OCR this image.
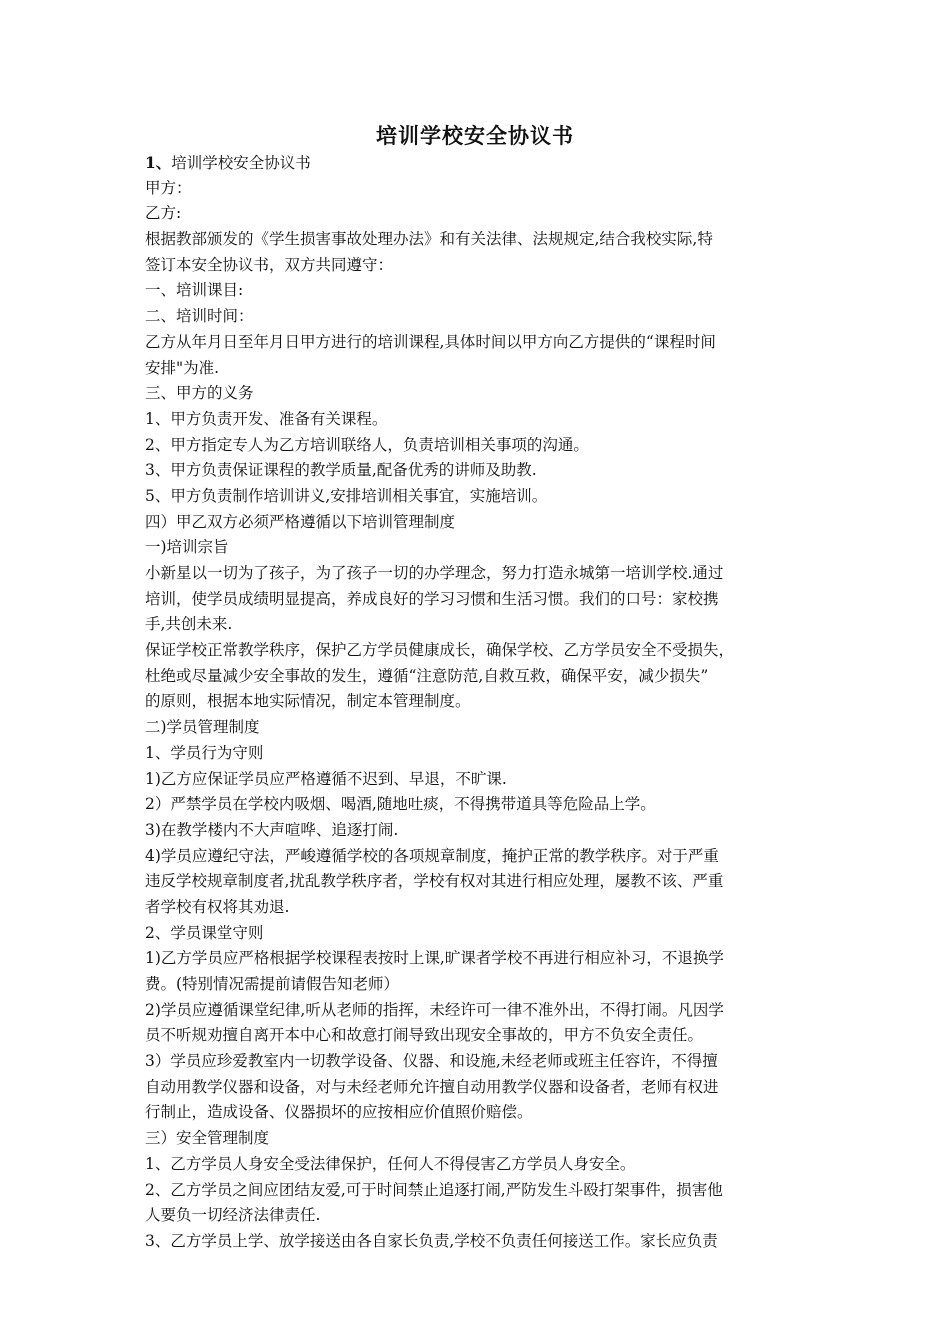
培训学校安全协议书
1、培训学校安全协议书
甲方：
乙方:
根据教部颁发的《学生损害事故处理办法》和有关法律、法规规定,结合我校实际,特
签订本安全协议书，双方共同遵守：
一、培训课目:
二、培训时间：
乙方从年月日至年月日甲方进行的培训课程,具体时间以甲方向乙方提供的“课程时间
安排"为准.
三、甲方的义务
1、甲方负责开发、准备有关课程。
2、甲方指定专人为乙方培训联络人，负责培训相关事项的沟通。
3、甲方负责保证课程的教学质量,配备优秀的讲师及助教.
5、甲方负责制作培训讲义,安排培训相关事宜，实施培训。
四）甲乙双方必须严格遵循以下培训管理制度
一)培训宗旨
小新星以一切为了孩子，为了孩子一切的办学理念，努力打造永城第一培训学校.通过
培训，使学员成绩明显提高，养成良好的学习习惯和生活习惯。我们的口号：家校携
手,共创未来.
保证学校正常教学秩序，保护乙方学员健康成长，确保学校、乙方学员安全不受损失，
杜绝或尽量减少安全事故的发生，遵循“注意防范,自救互救，确保平安，减少损失”
的原则，根据本地实际情况，制定本管理制度。
二)学员管理制度
1、学员行为守则
1)乙方应保证学员应严格遵循不迟到、早退，不旷课.
2）严禁学员在学校内吸烟、喝酒,随地吐痰，不得携带道具等危险品上学。
3)在教学楼内不大声喧哗、追逐打闹.
4)学员应遵纪守法，严峻遵循学校的各项规章制度，掩护正常的教学秩序。对于严重
违反学校规章制度者,扰乱教学秩序者，学校有权对其进行相应处理，屡教不该、严重
者学校有权将其劝退.
2、学员课堂守则
1)乙方学员应严格根据学校课程表按时上课,旷课者学校不再进行相应补习，不退换学
费。(特别情况需提前请假告知老师）
2)学员应遵循课堂纪律,听从老师的指挥，未经许可一律不准外出，不得打闹。凡因学
员不听规劝擅自离开本中心和故意打闹导致出现安全事故的，甲方不负安全责任。
3）学员应珍爱教室内一切教学设备、仪器、和设施,未经老师或班主任容许，不得擅
自动用教学仪器和设备，对与未经老师允许擅自动用教学仪器和设备者，老师有权进
行制止，造成设备、仪器损坏的应按相应价值照价赔偿。
三）安全管理制度
1、乙方学员人身安全受法律保护，任何人不得侵害乙方学员人身安全。
2、乙方学员之间应团结友爱,可于时间禁止追逐打闹,严防发生斗殴打架事件，损害他
人要负一切经济法律责任.
3、乙方学员上学、放学接送由各自家长负责,学校不负责任何接送工作。家长应负责
